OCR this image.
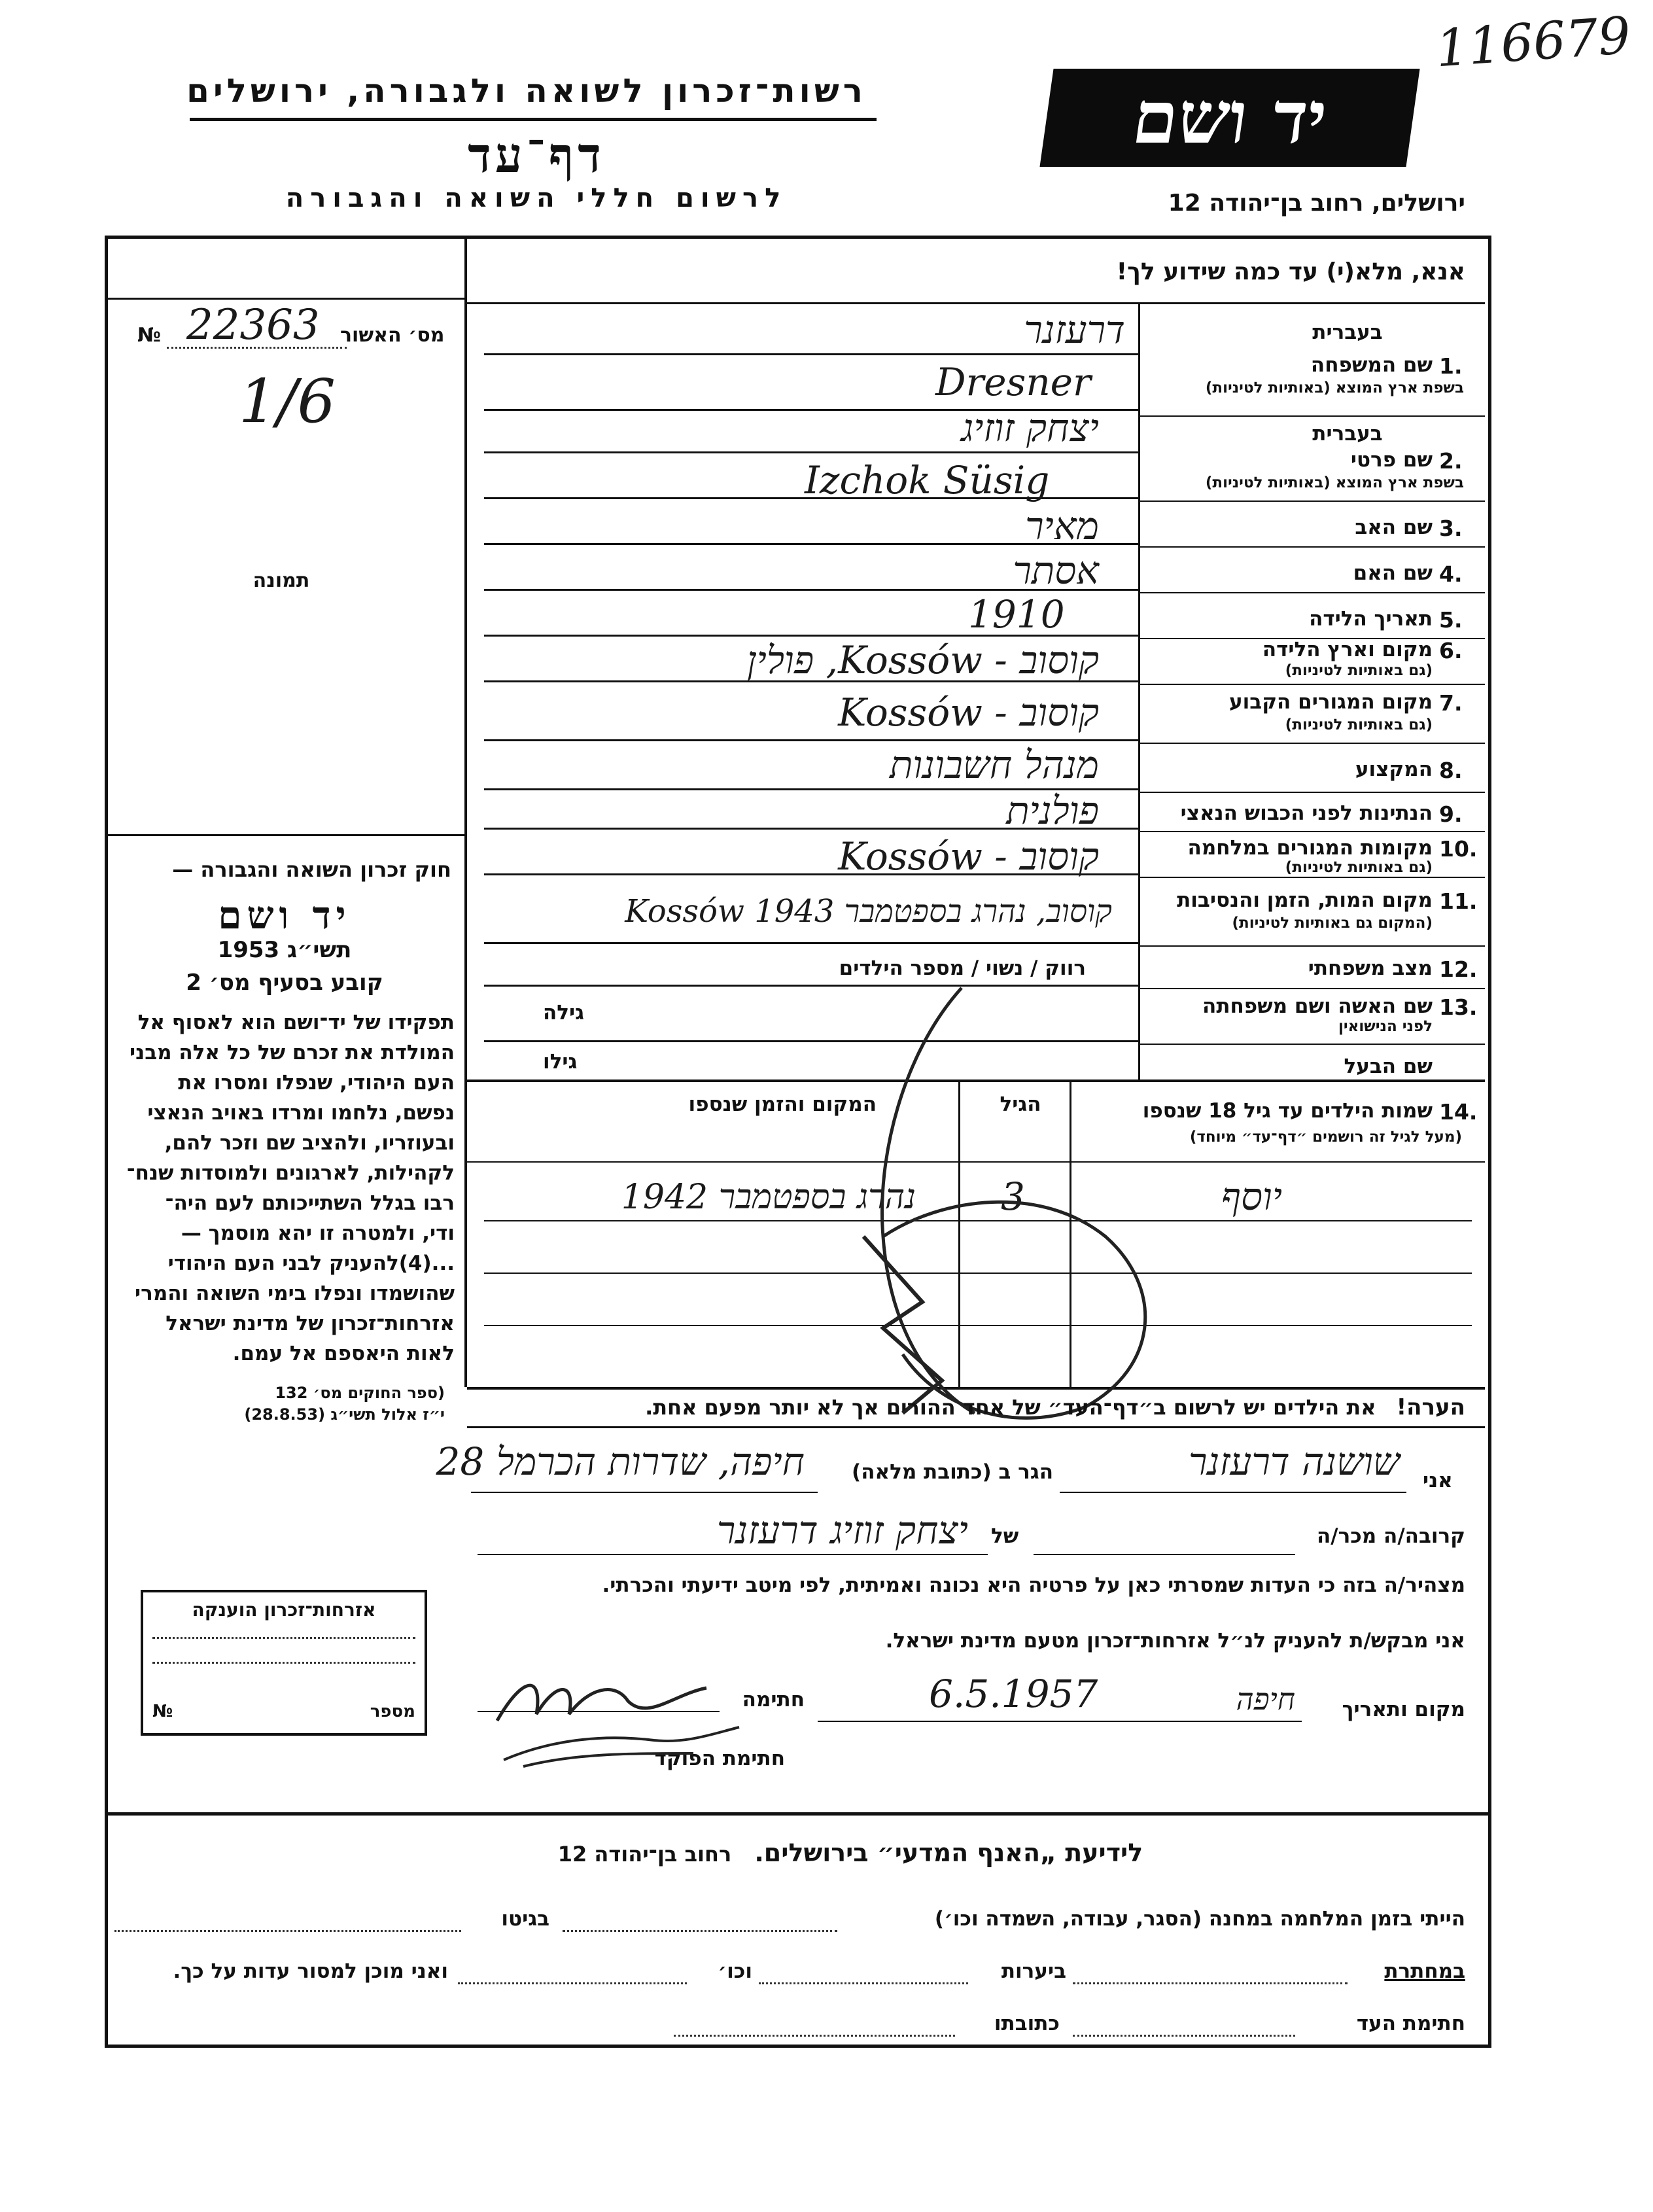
116679
יד ושם
רשות־זכרון לשואה ולגבורה, ירושלים
דף־עד
לרשום חללי השואה והגבורה	ירושלים, רחוב בן־יהודה 12
№ 22363 מס׳ האשור
1/6
תמונה
חוק זכרון השואה והגבורה —
יד ושם
תשי״ג 1953
קובע בסעיף מס׳ 2
תפקידו של יד־ושם הוא לאסוף אל
המולדת את זכרם של כל אלה מבני
העם היהודי, שנפלו ומסרו את
נפשם, נלחמו ומרדו באויב הנאצי
ובעוזריו, ולהציב שם וזכר להם,
לקהילות, לארגונים ולמוסדות שנח־
רבו בגלל השתייכותם לעם היה־
ודי, ולמטרה זו יהא מוסמך —
...(4)להעניק לבני העם היהודי
שהושמדו ונפלו בימי השואה והמרי
אזרחות־זכרון של מדינת ישראל
לאות היאספם אל עמם.
(ספר החוקים מס׳ 132
י״ז אלול תשי״ג (28.8.53)
אזרחות־זכרון הוענקה
№	מספר
אנא, מלא(י) עד כמה שידוע לך!
בעברית
1.
שם המשפחה
בשפת ארץ המוצא (באותיות לטיניות)
דרעזנר
Dresner
בעברית
2.
שם פרטי
בשפת ארץ המוצא (באותיות לטיניות)
יצחק זוזיג
Izchok Süsig
3.
שם האב
מאיר
4.
שם האם
אסתר
5.
תאריך הלידה
1910
6.
מקום וארץ הלידה
(גם באותיות לטיניות)
קוסוב - Kossów, פולין
7.
מקום המגורים הקבוע
(גם באותיות לטיניות)
קוסוב - Kossów
8.
המקצוע
מנהל חשבונות
9.
הנתינות לפני הכבוש הנאצי
פולנית
10.
מקומות המגורים במלחמה
(גם באותיות לטיניות)
קוסוב - Kossów
11.
מקום המות, הזמן והנסיבות
(המקום גם באותיות לטיניות)
קוסוב, נהרג בספטמבר 1943 Kossów
12.
מצב משפחתי
רווק / נשוי / מספר הילדים
13.
שם האשה ושם משפחתה
לפני הנישואין
גילה
שם הבעל
גילו
14.
שמות הילדים עד גיל 18 שנספו
(מעל לגיל זה רושמים ״דף־עד״ מיוחד)
הגיל
המקום והזמן שנספו
יוסף
3
נהרג בספטמבר 1942
הערה! את הילדים יש לרשום ב״דף־העד״ של אחד ההורים אך לא יותר מפעם אחת.
אני
שושנה דרעזנר
הגר ב (כתובת מלאה)
חיפה, שדרות הכרמל 28
קרובה/ה מכר/ה
של
יצחק זוזיג דרעזנר
מצהיר/ה בזה כי העדות שמסרתי כאן על פרטיה היא נכונה ואמיתית, לפי מיטב ידיעתי והכרתי.
אני מבקש/ת להעניק לנ״ל אזרחות־זכרון מטעם מדינת ישראל.
מקום ותאריך
חיפה
6.5.1957
חתימה
חתימת הפוקד
לידיעת „האנף המדעי״ בירושלים. רחוב בן־יהודה 12
הייתי בזמן המלחמה במחנה (הסגר, עבודה, השמדה וכו׳)
בגיטו
במחתרת
ביערות
וכו׳
ואני מוכן למסור עדות על כך.
חתימת העד
כתובתו
